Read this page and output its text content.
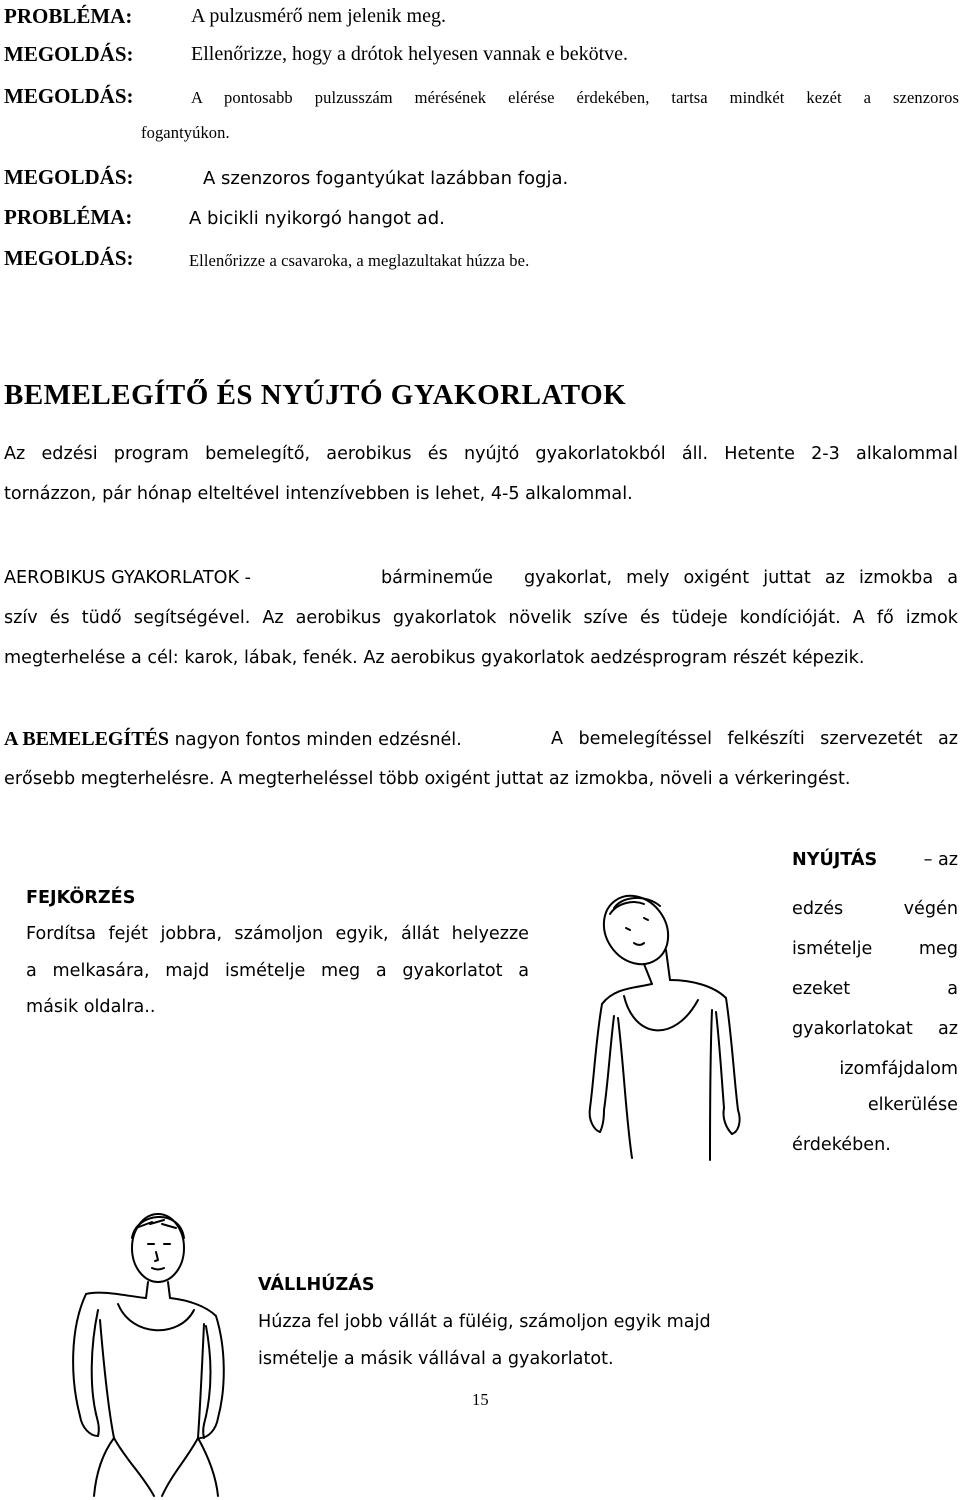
PROBLÉMA:	A pulzusmérő nem jelenik meg.
MEGOLDÁS:	Ellenőrizze, hogy a drótok helyesen vannak e bekötve.
MEGOLDÁS:	A pontosabb pulzusszám mérésének elérése érdekében, tartsa mindkét kezét a szenzoros
fogantyúkon.
MEGOLDÁS:	A szenzoros fogantyúkat lazábban fogja.
PROBLÉMA:	A bicikli nyikorgó hangot ad.
MEGOLDÁS:	Ellenőrizze a csavaroka, a meglazultakat húzza be.
BEMELEGÍTŐ ÉS NYÚJTÓ GYAKORLATOK
Az edzési program bemelegítő, aerobikus és nyújtó gyakorlatokból áll. Hetente 2-3 alkalommal
tornázzon, pár hónap elteltével intenzívebben is lehet, 4-5 alkalommal.
AEROBIKUS GYAKORLATOK -	bármineműe gyakorlat, mely oxigént juttat az izmokba a
szív és tüdő segítségével. Az aerobikus gyakorlatok növelik szíve és tüdeje kondícióját. A fő izmok
megterhelése a cél: karok, lábak, fenék. Az aerobikus gyakorlatok aedzésprogram részét képezik.
A BEMELEGÍTÉS nagyon fontos minden edzésnél.	A bemelegítéssel felkészíti szervezetét az
erősebb megterhelésre. A megterheléssel több oxigént juttat az izmokba, növeli a vérkeringést.
FEJKÖRZÉS
Fordítsa fejét jobbra, számoljon egyik, állát helyezze
a melkasára, majd ismételje meg a gyakorlatot a
másik oldalra..
NYÚJTÁS	– az
edzés végén
ismételje meg
ezeket a
gyakorlatokat az
izomfájdalom
elkerülése
érdekében.
VÁLLHÚZÁS
Húzza fel jobb vállát a füléig, számoljon egyik majd
ismételje a másik vállával a gyakorlatot.
15
